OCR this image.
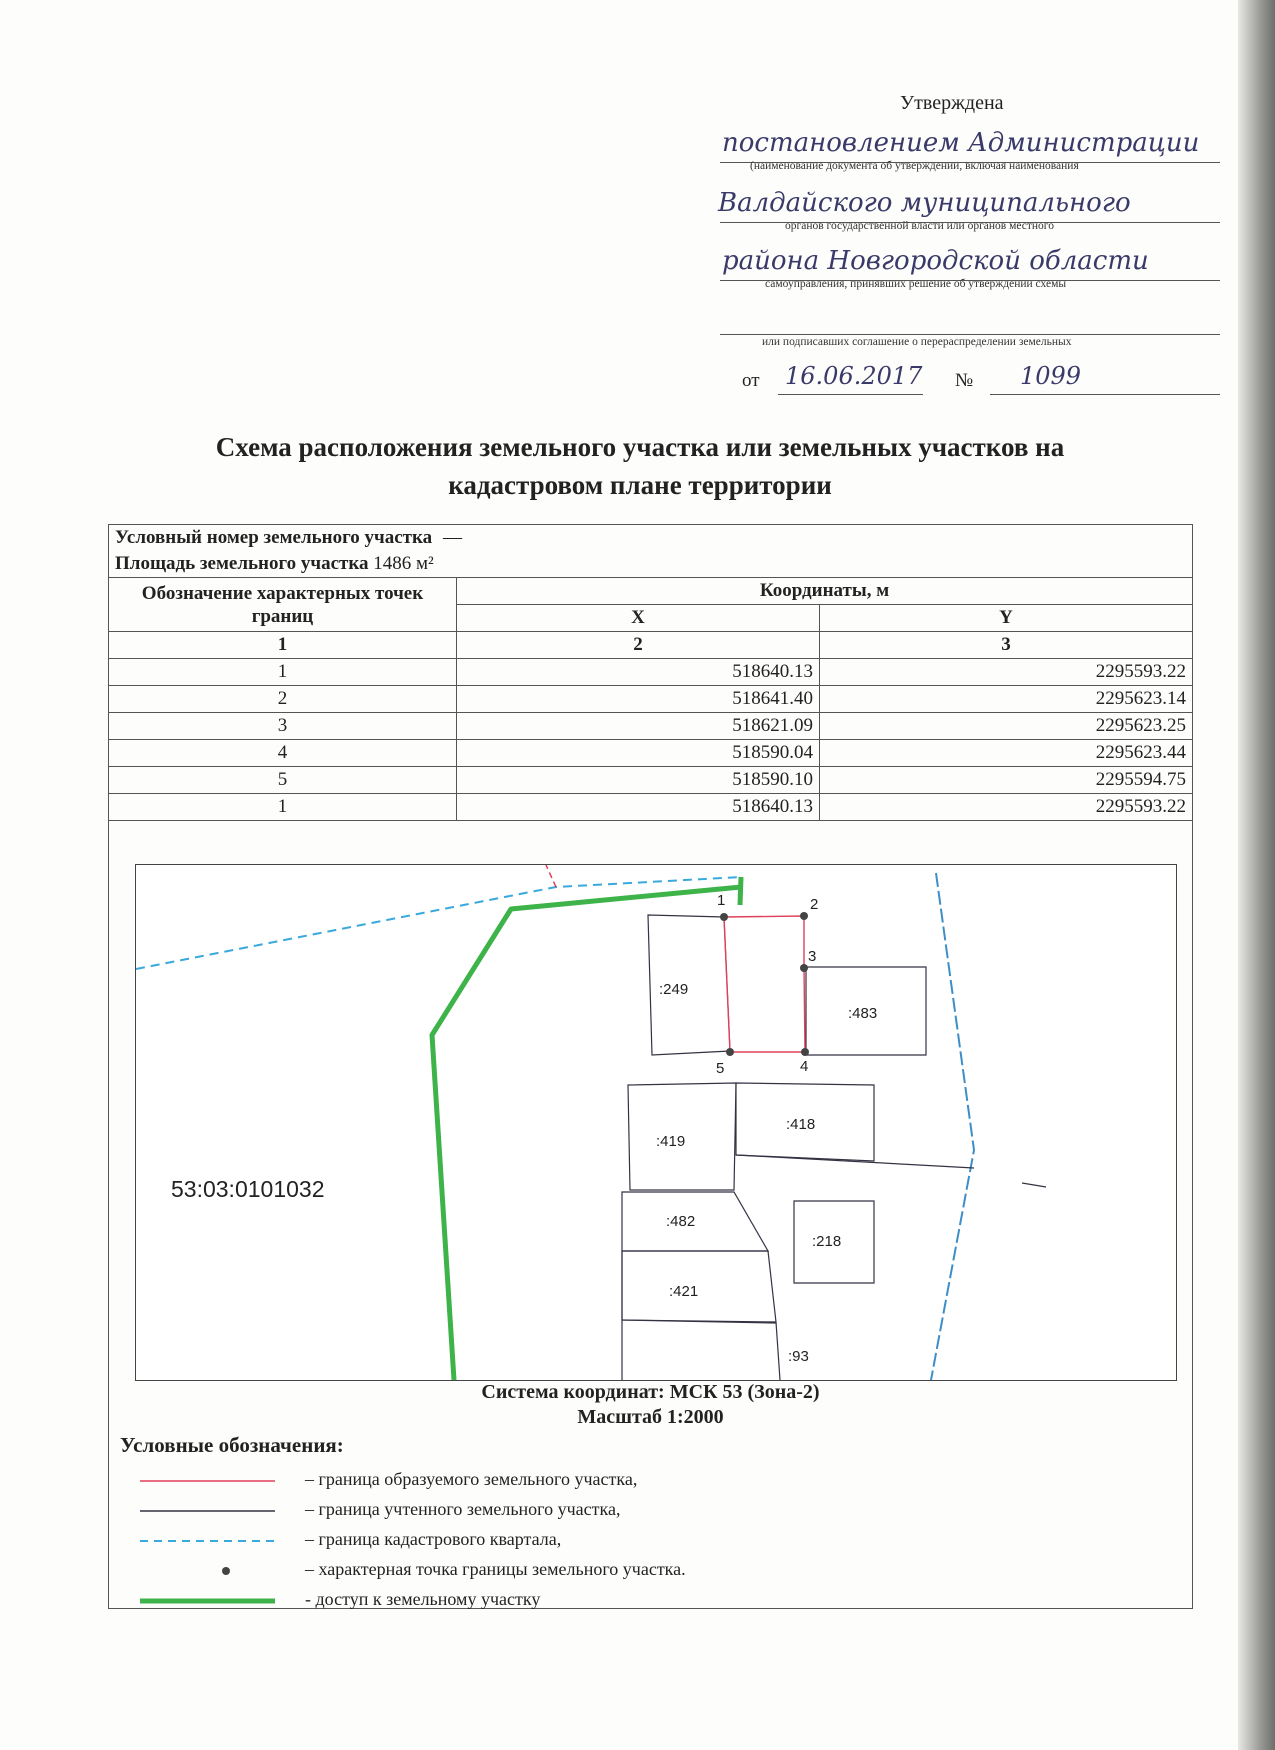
Утверждена
постановлением Администрации
(наименование документа об утверждении, включая наименования
Валдайского муниципального
органов государственной власти или органов местного
района Новгородской области
самоуправления, принявших решение об утверждении схемы
или подписавших соглашение о перераспределении земельных
от 16.06.2017 № 1099
Схема расположения земельного участка или земельных участков на
кадастровом плане территории
Условный номер земельного участка —		
Площадь земельного участка 1486 м²		
Обозначение характерных точек границ	Координаты, м	
	X	Y
1	2	3
1	518640.13	2295593.22
2	518641.40	2295623.14
3	518621.09	2295623.25
4	518590.04	2295623.44
5	518590.10	2295594.75
1	518640.13	2295593.22
1	2
3
4
5
:249
:483
:419
:418
:482
:218
:421
:93
53:03:0101032
Система координат: МСК 53 (Зона-2)
Масштаб 1:2000
Условные обозначения:
– граница образуемого земельного участка,
– граница учтенного земельного участка,
– граница кадастрового квартала,
– характерная точка границы земельного участка.
- доступ к земельному участку
